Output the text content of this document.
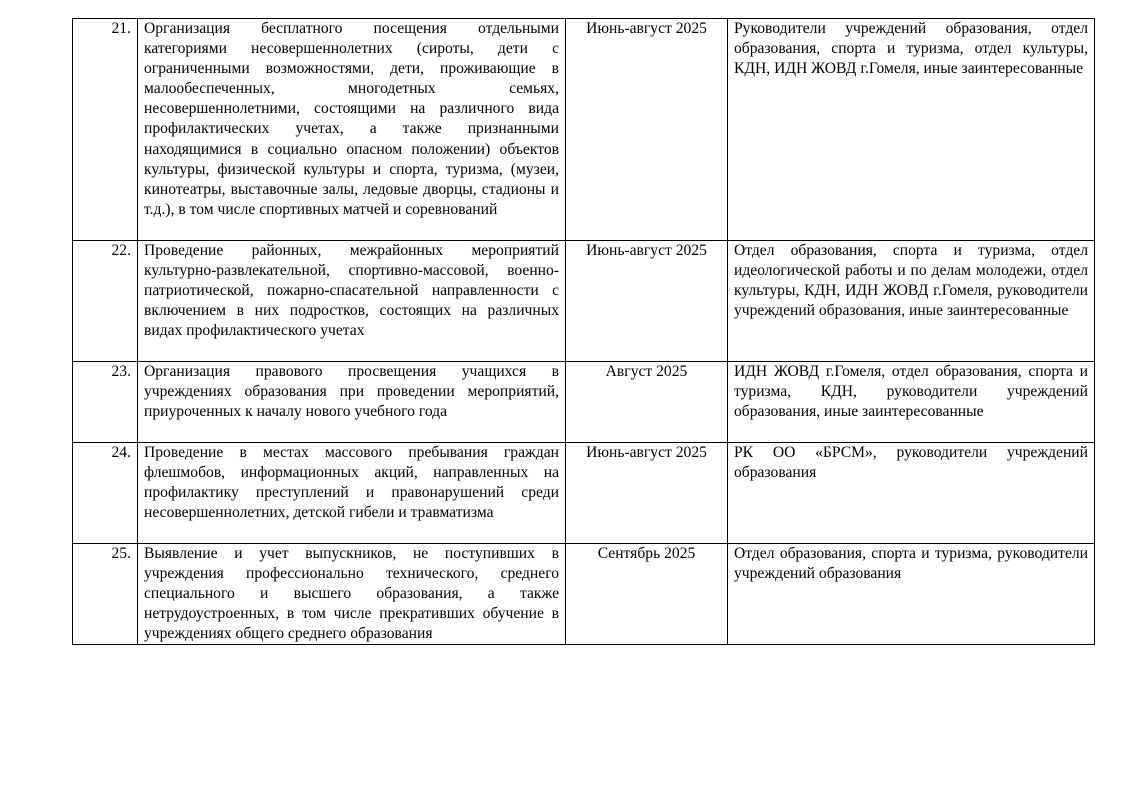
21.	Организация бесплатного посещения отдельными категориями несовершеннолетних (сироты, дети с ограниченными возможностями, дети, проживающие в малообеспеченных, многодетных семьях, несовершеннолетними, состоящими на различного вида профилактических учетах, а также признанными находящимися в социально опасном положении) объектов культуры, физической культуры и спорта, туризма, (музеи, кинотеатры, выставочные залы, ледовые дворцы, стадионы и т.д.), в том числе спортивных матчей и соревнований	Июнь-август 2025	Руководители учреждений образования, отдел образования, спорта и туризма, отдел культуры, КДН, ИДН ЖОВД г.Гомеля, иные заинтересованные
22.	Проведение районных, межрайонных мероприятий культурно-развлекательной, спортивно-массовой, военно-патриотической, пожарно-спасательной направленности с включением в них подростков, состоящих на различных видах профилактического учетах	Июнь-август 2025	Отдел образования, спорта и туризма, отдел идеологической работы и по делам молодежи, отдел культуры, КДН, ИДН ЖОВД г.Гомеля, руководители учреждений образования, иные заинтересованные
23.	Организация правового просвещения учащихся в учреждениях образования при проведении мероприятий, приуроченных к началу нового учебного года	Август 2025	ИДН ЖОВД г.Гомеля, отдел образования, спорта и туризма, КДН, руководители учреждений образования, иные заинтересованные
24.	Проведение в местах массового пребывания граждан флешмобов, информационных акций, направленных на профилактику преступлений и правонарушений среди несовершеннолетних, детской гибели и травматизма	Июнь-август 2025	РК ОО «БРСМ», руководители учреждений образования
25.	Выявление и учет выпускников, не поступивших в учреждения профессионально технического, среднего специального и высшего образования, а также нетрудоустроенных, в том числе прекративших обучение в учреждениях общего среднего образования	Сентябрь 2025	Отдел образования, спорта и туризма, руководители учреждений образования
